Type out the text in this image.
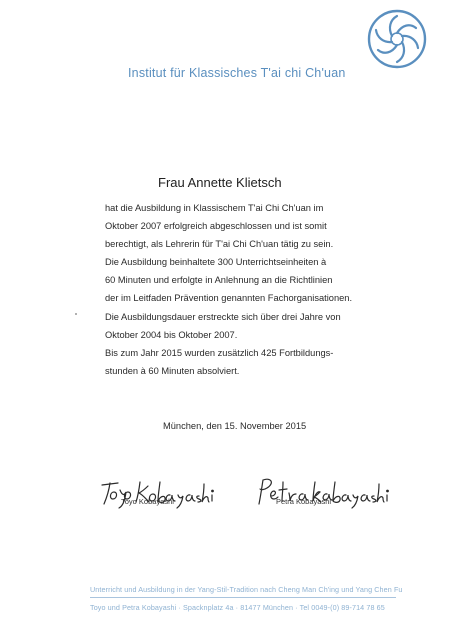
Institut für Klassisches T'ai chi Ch'uan
Frau Annette Klietsch
hat die Ausbildung in Klassischem T'ai Chi Ch'uan im
Oktober 2007 erfolgreich abgeschlossen und ist somit
berechtigt, als Lehrerin für T'ai Chi Ch'uan tätig zu sein.
Die Ausbildung beinhaltete 300 Unterrichtseinheiten à
60 Minuten und erfolgte in Anlehnung an die Richtlinien
der im Leitfaden Prävention genannten Fachorganisationen.
Die Ausbildungsdauer erstreckte sich über drei Jahre von
Oktober 2004 bis Oktober 2007.
Bis zum Jahr 2015 wurden zusätzlich 425 Fortbildungs-
stunden à 60 Minuten absolviert.
München, den 15. November 2015
Toyo Kobayashi	Petra Kobayashi
Unterricht und Ausbildung in der Yang-Stil-Tradition nach Cheng Man Ch'ing und Yang Chen Fu
Toyo und Petra Kobayashi · Spacknplatz 4a · 81477 München · Tel 0049-(0) 89-714 78 65
